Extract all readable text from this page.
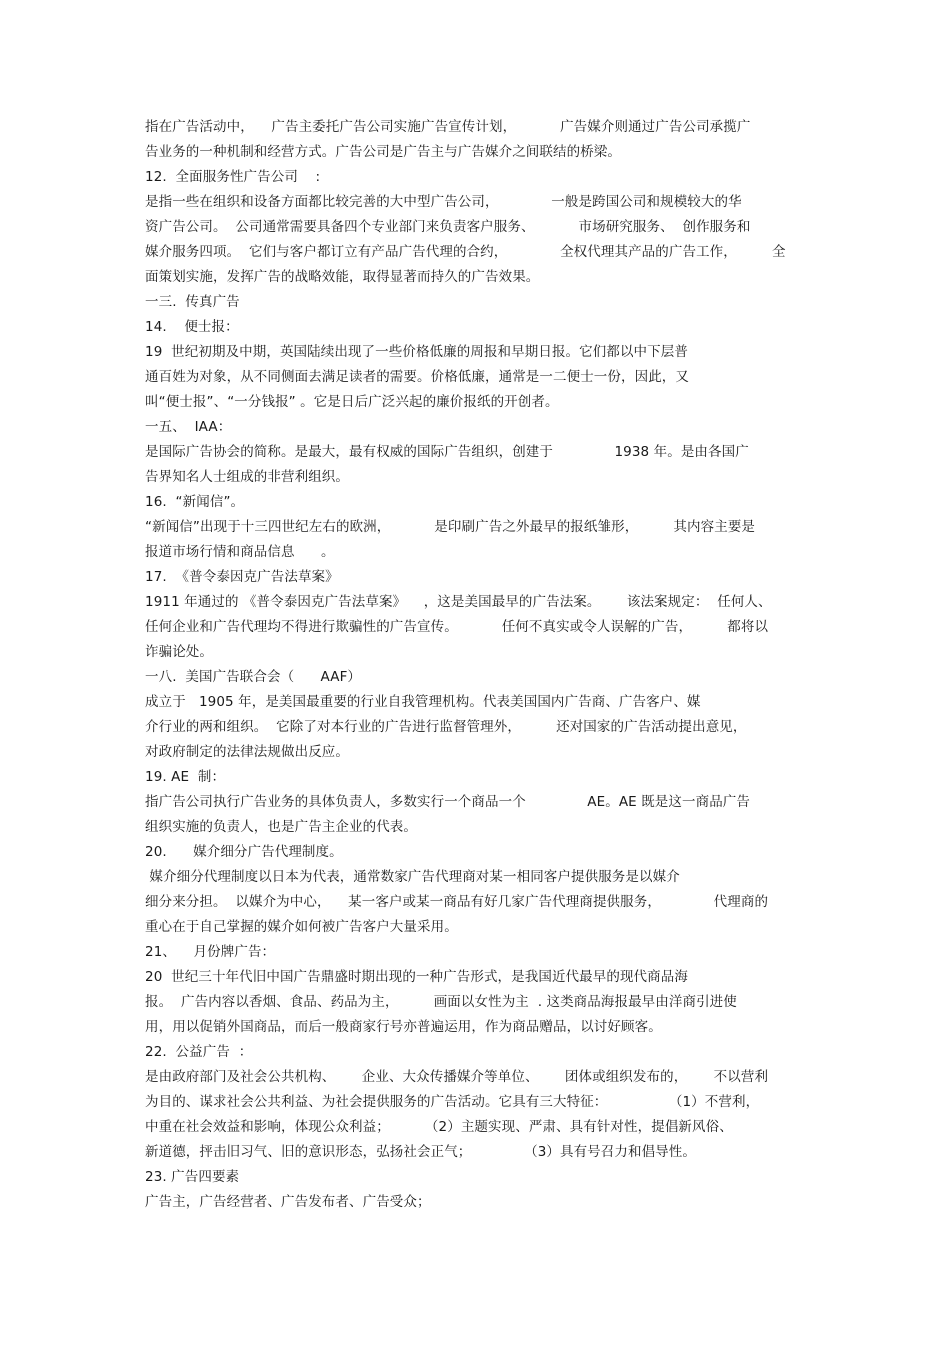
指在广告活动中，    广告主委托广告公司实施广告宣传计划，          广告媒介则通过广告公司承揽广

告业务的一种机制和经营方式。广告公司是广告主与广告媒介之间联结的桥梁。

12.  全面服务性广告公司    :

是指一些在组织和设备方面都比较完善的大中型广告公司，            一般是跨国公司和规模较大的华

资广告公司。  公司通常需要具备四个专业部门来负责客户服务、          市场研究服务、  创作服务和

媒介服务四项。  它们与客户都订立有产品广告代理的合约，            全权代理其产品的广告工作，        全

面策划实施，发挥广告的战略效能，取得显著而持久的广告效果。

一三.  传真广告

14.    便士报：

19  世纪初期及中期，英国陆续出现了一些价格低廉的周报和早期日报。它们都以中下层普

通百姓为对象，从不同侧面去满足读者的需要。价格低廉，通常是一二便士一份，因此，又

叫“便士报”、“一分钱报” 。它是日后广泛兴起的廉价报纸的开创者。

一五、  IAA：

是国际广告协会的简称。是最大，最有权威的国际广告组织，创建于              1938 年。是由各国广

告界知名人士组成的非营利组织。

16.  “新闻信”。

“新闻信”出现于十三四世纪左右的欧洲，          是印刷广告之外最早的报纸雏形，        其内容主要是

报道市场行情和商品信息      。

17.  《普令泰因克广告法草案》

1911 年通过的 《普令泰因克广告法草案》    ，这是美国最早的广告法案。      该法案规定：  任何人、

任何企业和广告代理均不得进行欺骗性的广告宣传。          任何不真实或令人误解的广告，        都将以

诈骗论处。

一八.  美国广告联合会（      AAF）

成立于   1905 年，是美国最重要的行业自我管理机构。代表美国国内广告商、广告客户、媒

介行业的两和组织。  它除了对本行业的广告进行监督管理外，        还对国家的广告活动提出意见，

对政府制定的法律法规做出反应。

19. AE  制：

指广告公司执行广告业务的具体负责人，多数实行一个商品一个              AE。AE 既是这一商品广告

组织实施的负责人，也是广告主企业的代表。

20.      媒介细分广告代理制度。

媒介细分代理制度以日本为代表，通常数家广告代理商对某一相同客户提供服务是以媒介

细分来分担。  以媒介为中心，    某一客户或某一商品有好几家广告代理商提供服务，            代理商的

重心在于自己掌握的媒介如何被广告客户大量采用。

21、    月份牌广告：

20  世纪三十年代旧中国广告鼎盛时期出现的一种广告形式，是我国近代最早的现代商品海

报。  广告内容以香烟、食品、药品为主，        画面以女性为主  . 这类商品海报最早由洋商引进使

用，用以促销外国商品，而后一般商家行号亦普遍运用，作为商品赠品，以讨好顾客。

22.  公益广告  ：

是由政府部门及社会公共机构、      企业、大众传播媒介等单位、      团体或组织发布的，      不以营利

为目的、谋求社会公共利益、为社会提供服务的广告活动。它具有三大特征：              （1）不营利，

中重在社会效益和影响，体现公众利益；        （2）主题实现、严肃、具有针对性，提倡新风俗、

新道德，抨击旧习气、旧的意识形态，弘扬社会正气；            （3）具有号召力和倡导性。

23. 广告四要素

广告主，广告经营者、广告发布者、广告受众；
